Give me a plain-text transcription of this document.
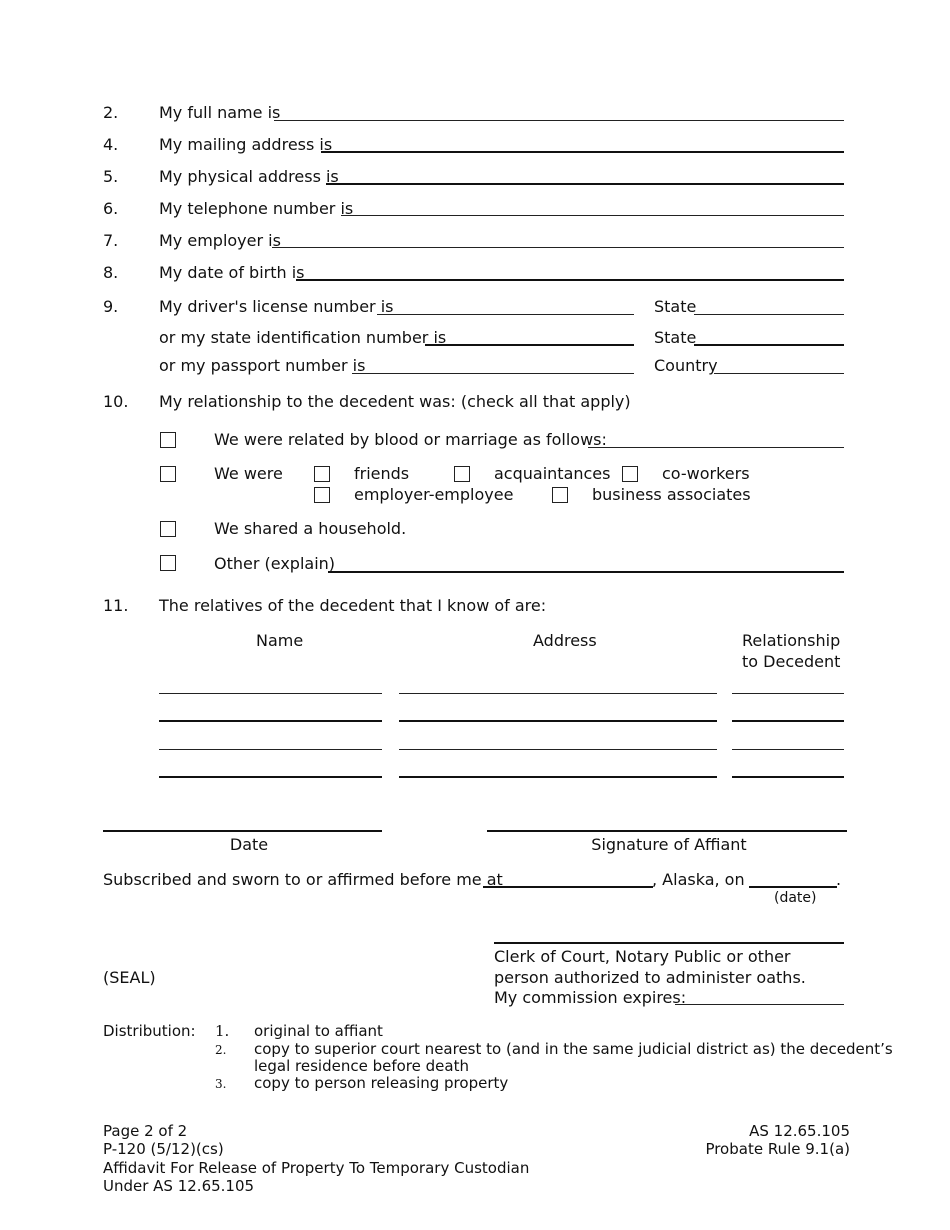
2.	My full name is
4.	My mailing address is
5.	My physical address is
6.	My telephone number is
7.	My employer is
8.	My date of birth is
9.	My driver's license number is	State
or my state identification number is	State
or my passport number is	Country
10. My relationship to the decedent was: (check all that apply)
We were related by blood or marriage as follows:
We were	friends	acquaintances	co-workers
employer-employee	business associates
We shared a household.
Other (explain)
11. The relatives of the decedent that I know of are:
Name	Address	Relationship
to Decedent
Date	Signature of Affiant
Subscribed and sworn to or affirmed before me at	, Alaska, on	.
(date)
(SEAL)
Clerk of Court, Notary Public or other
person authorized to administer oaths.
My commission expires:
Distribution: 1. original to affiant
2. copy to superior court nearest to (and in the same judicial district as) the decedent’s
legal residence before death
3. copy to person releasing property
Page 2 of 2
P-120 (5/12)(cs)
Affidavit For Release of Property To Temporary Custodian
Under AS 12.65.105
AS 12.65.105
Probate Rule 9.1(a)
